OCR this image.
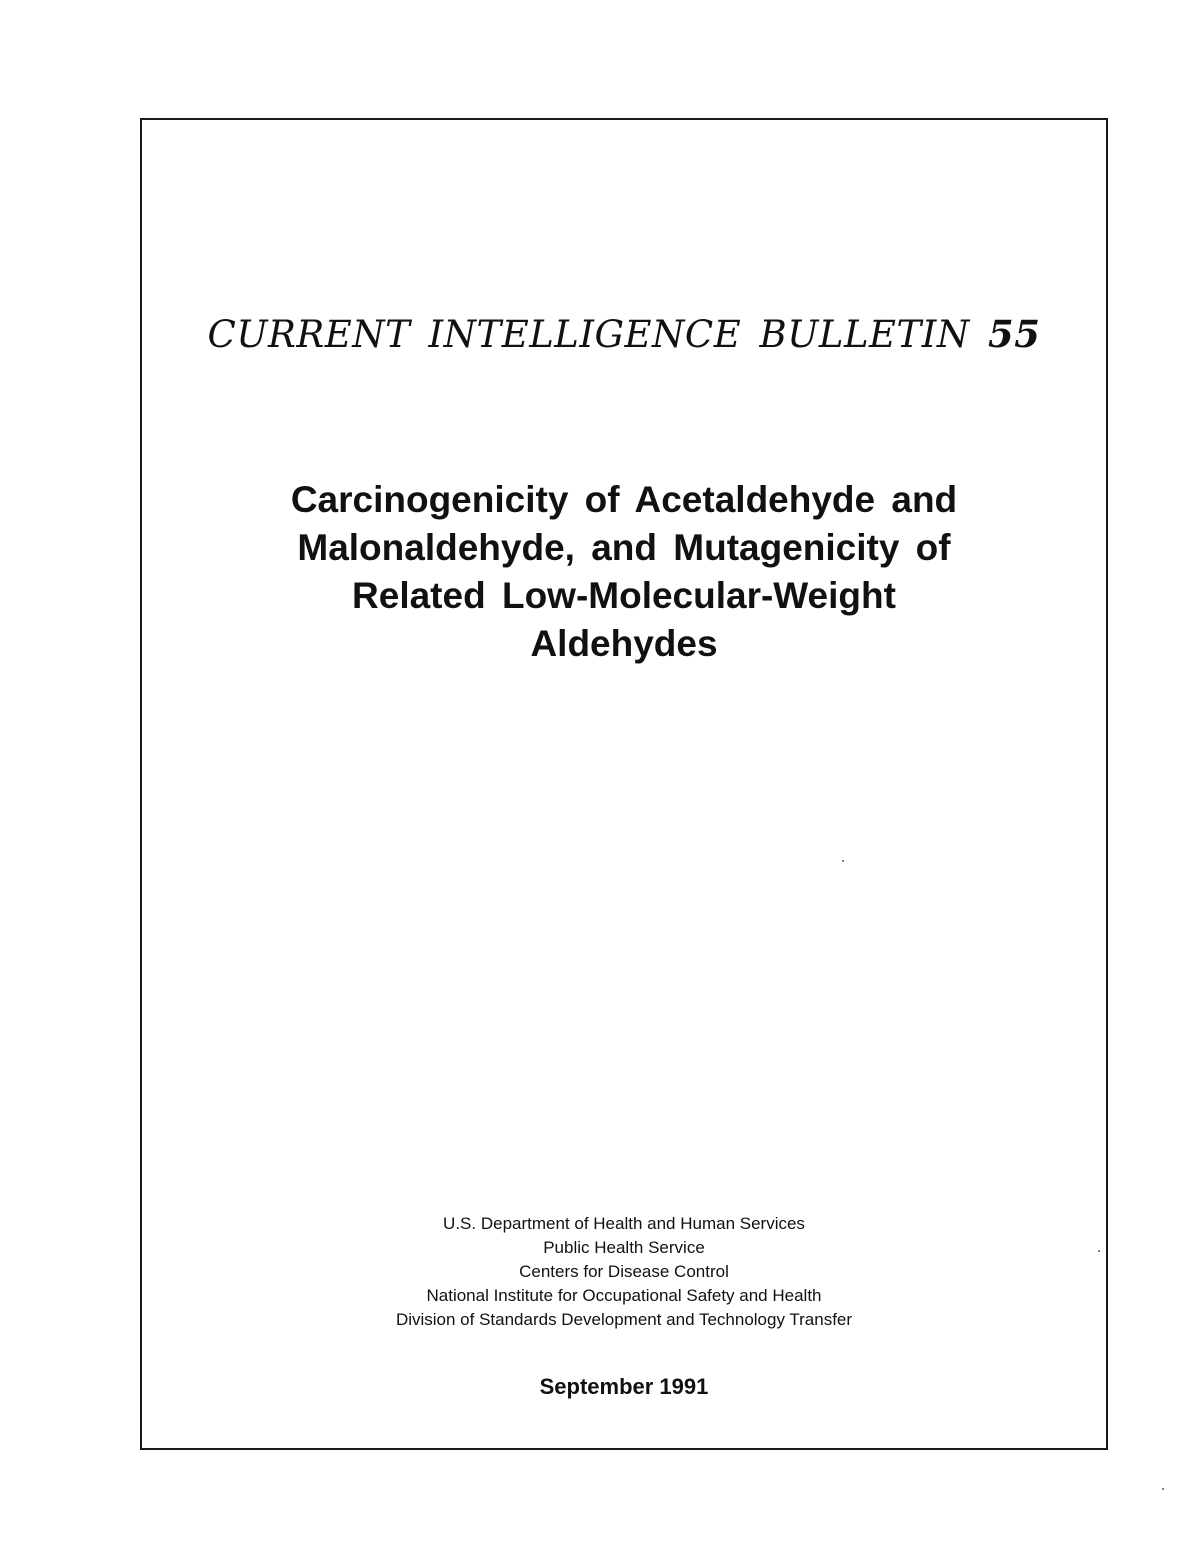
CURRENT INTELLIGENCE BULLETIN 55
Carcinogenicity of Acetaldehyde and
Malonaldehyde, and Mutagenicity of
Related Low-Molecular-Weight
Aldehydes
U.S. Department of Health and Human Services
Public Health Service
Centers for Disease Control
National Institute for Occupational Safety and Health
Division of Standards Development and Technology Transfer
September 1991
